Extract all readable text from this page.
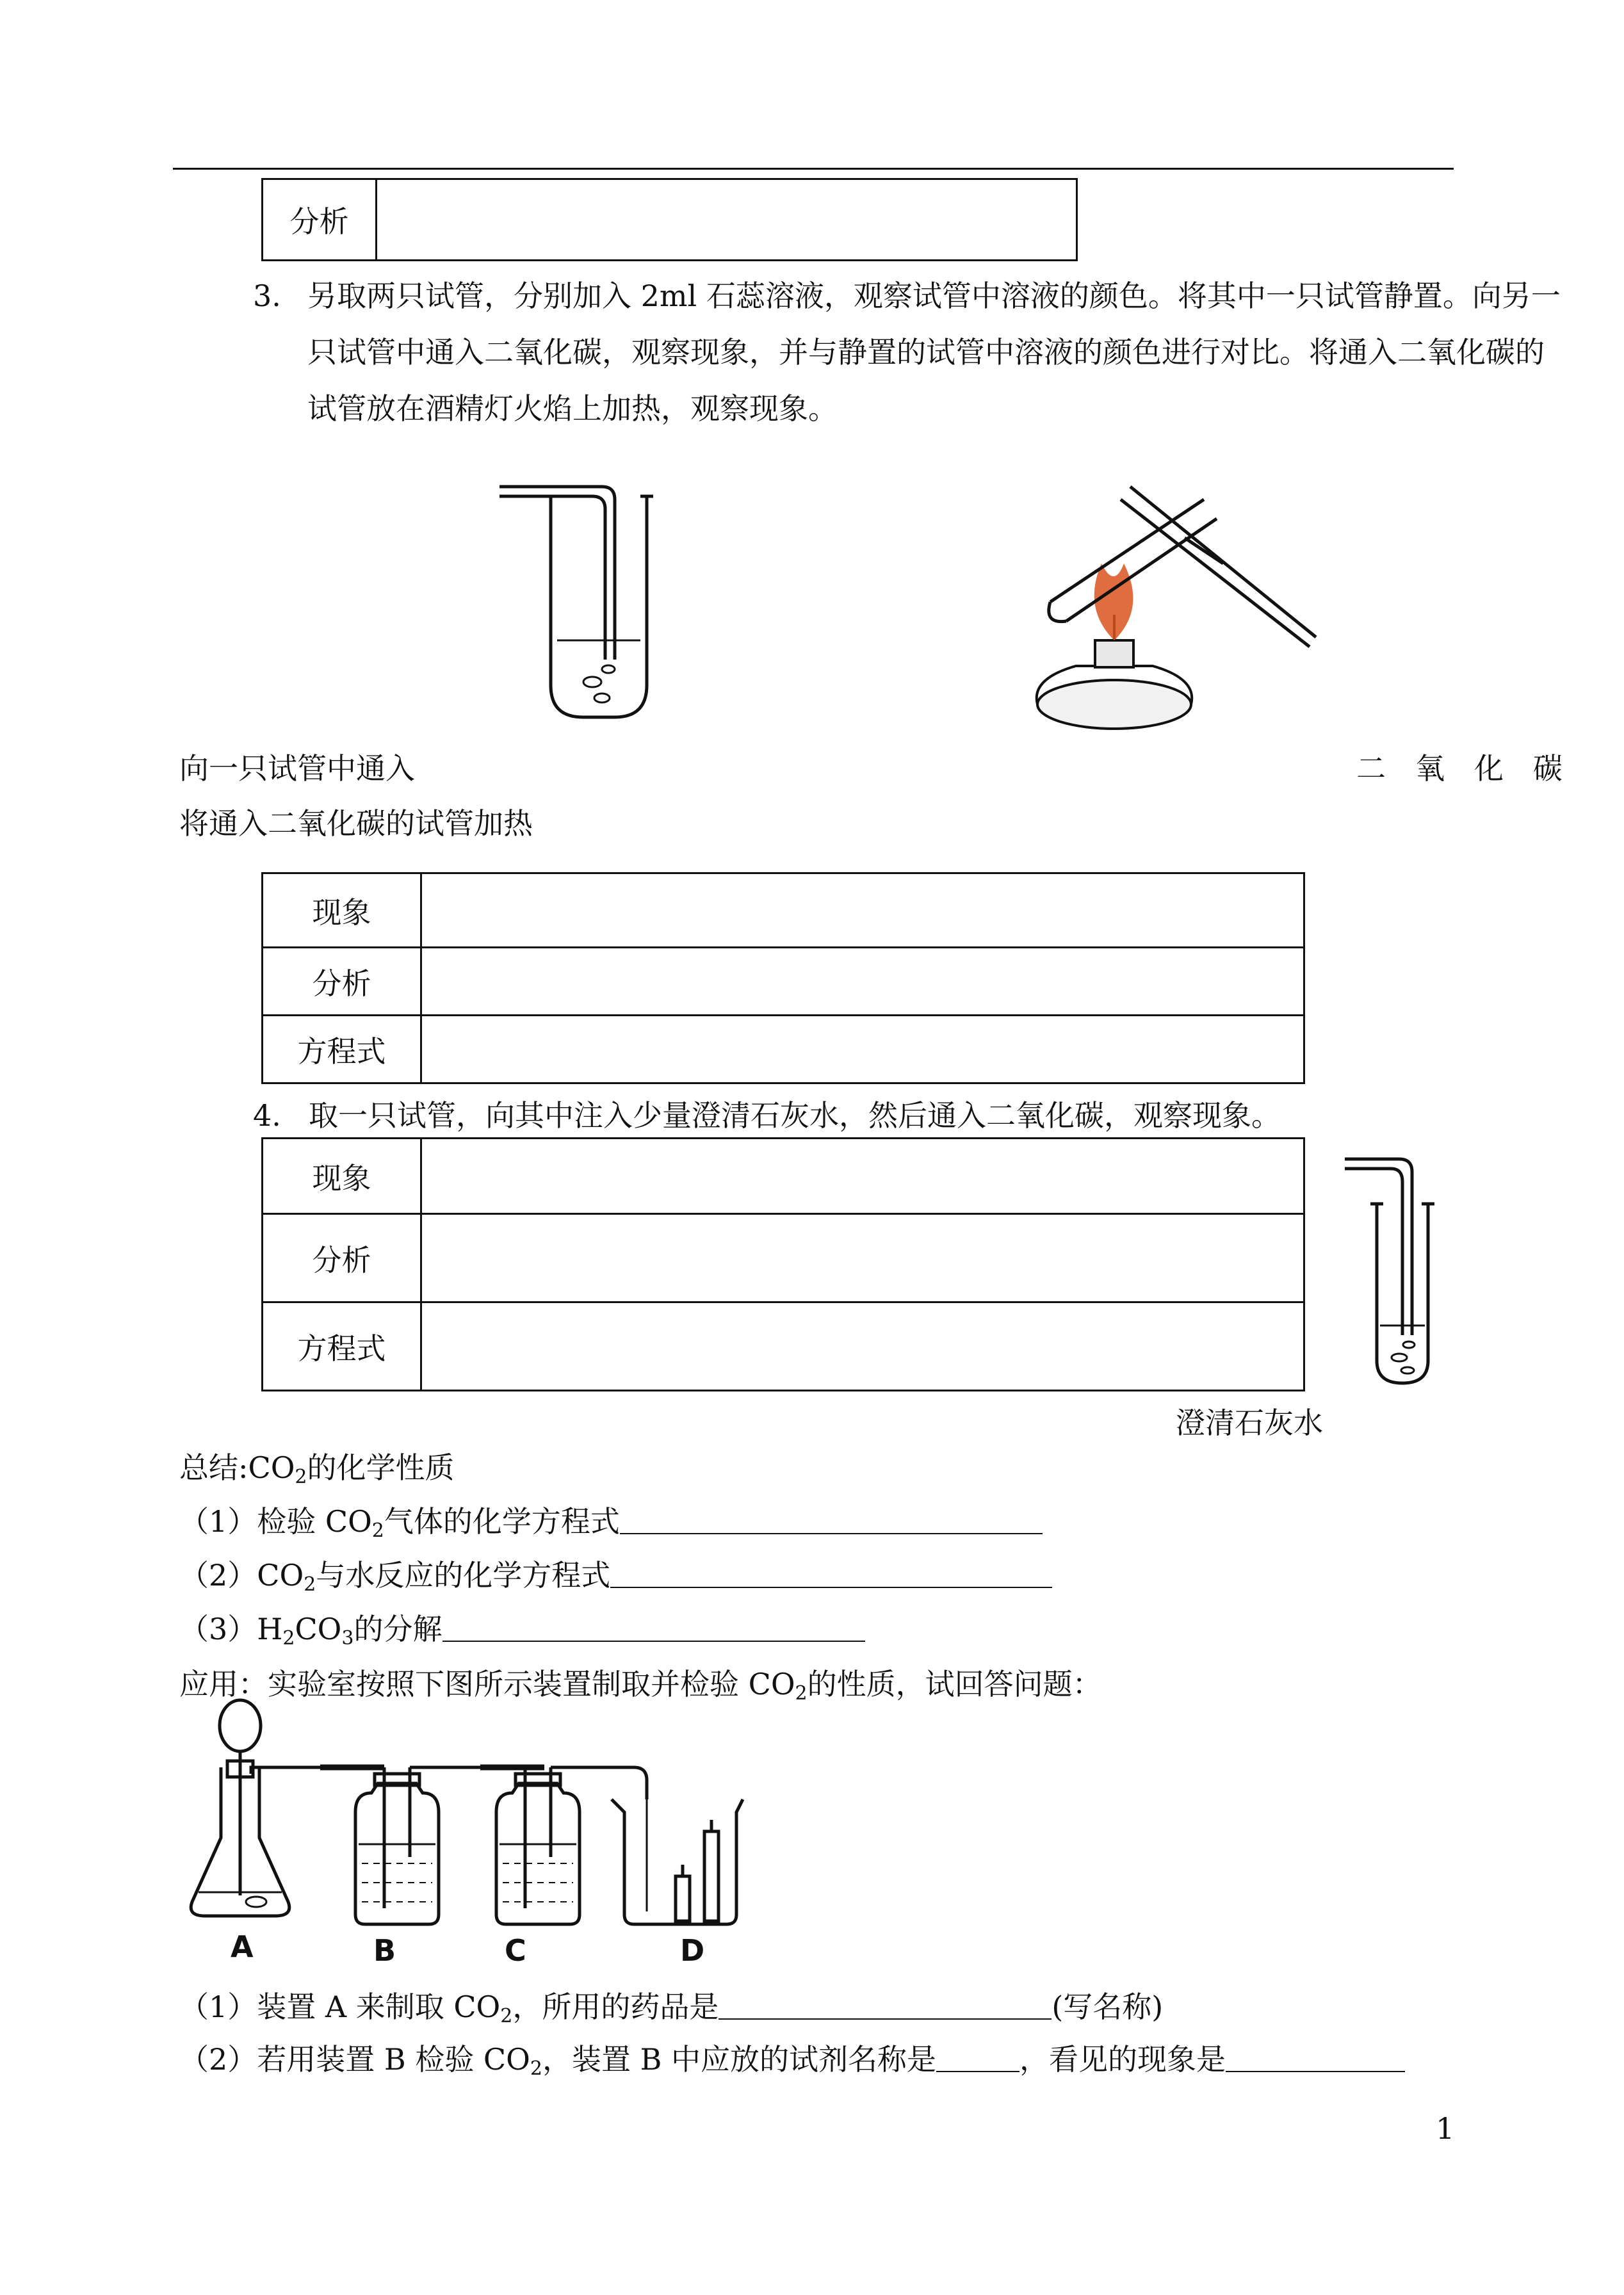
分析	
3. 另取两只试管，分别加入 2ml 石蕊溶液，观察试管中溶液的颜色。将其中一只试管静置。向另一只试管中通入二氧化碳，观察现象，并与静置的试管中溶液的颜色进行对比。将通入二氧化碳的试管放在酒精灯火焰上加热，观察现象。
向一只试管中通入	二 氧 化 碳
将通入二氧化碳的试管加热
现象	
分析	
方程式	
4. 取一只试管，向其中注入少量澄清石灰水，然后通入二氧化碳，观察现象。
现象	
分析	
方程式	
澄清石灰水
总结$:CO_2$的化学性质
（1）检验 $CO_2$气体的化学方程式
$(2)CO_2$与水反应的化学方程式
$(3)H_2CO_3$的分解
应用：实验室按照下图所示装置制取并检验 $CO_2$的性质，试回答问题：
A	B	C	D
（1）装置 A 来制取 $CO_2$，所用的药品是	(写名称)
（2）若用装置 B 检验 $CO_2$，装置 B 中应放的试剂名称是	，看见的现象是
1
